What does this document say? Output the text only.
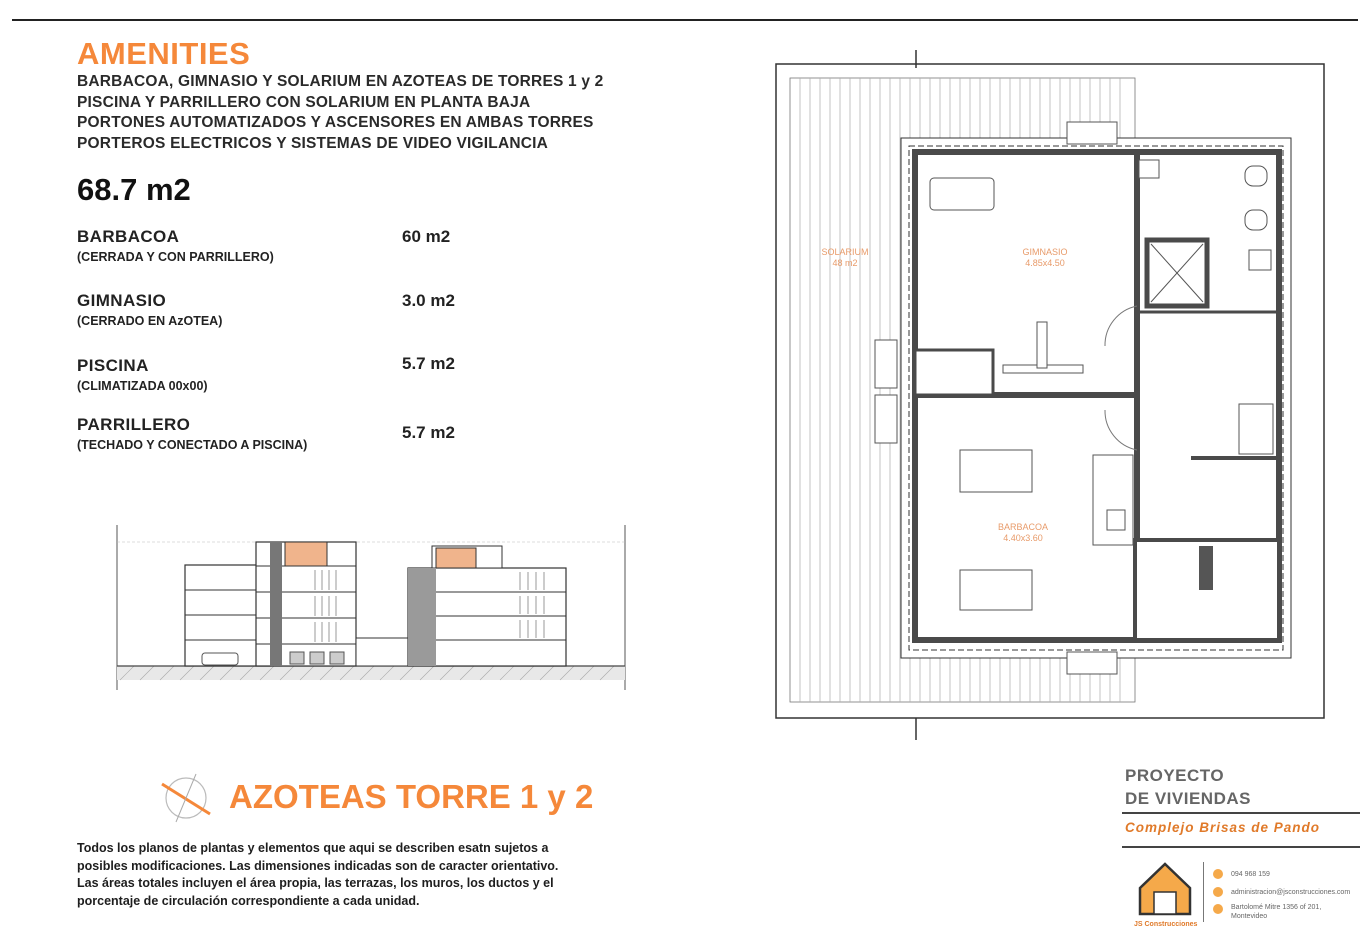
AMENITIES
BARBACOA, GIMNASIO Y SOLARIUM EN AZOTEAS DE TORRES 1 y 2
PISCINA Y PARRILLERO CON SOLARIUM EN PLANTA BAJA
PORTONES AUTOMATIZADOS Y ASCENSORES EN AMBAS TORRES
PORTEROS ELECTRICOS Y SISTEMAS DE VIDEO VIGILANCIA
68.7 m2
BARBACOA
(CERRADA Y CON PARRILLERO)
60 m2
GIMNASIO
(CERRADO EN AzOTEA)
3.0 m2
PISCINA
(CLIMATIZADA 00x00)
5.7 m2
PARRILLERO
(TECHADO Y CONECTADO A PISCINA)
5.7 m2
SOLARIUM
48 m2
GIMNASIO
4.85x4.50
BARBACOA
4.40x3.60
AZOTEAS TORRE 1 y 2
Todos los planos de plantas y elementos que aqui se describen esatn sujetos a
posibles modificaciones. Las dimensiones indicadas son de caracter orientativo.
Las áreas totales incluyen el área propia, las terrazas, los muros, los ductos y el
porcentaje de circulación correspondiente a cada unidad.
PROYECTO
DE VIVIENDAS
Complejo Brisas de Pando
JS Construcciones
094 968 159
administracion@jsconstrucciones.com
Bartolomé Mitre 1356 of 201,
Montevideo
